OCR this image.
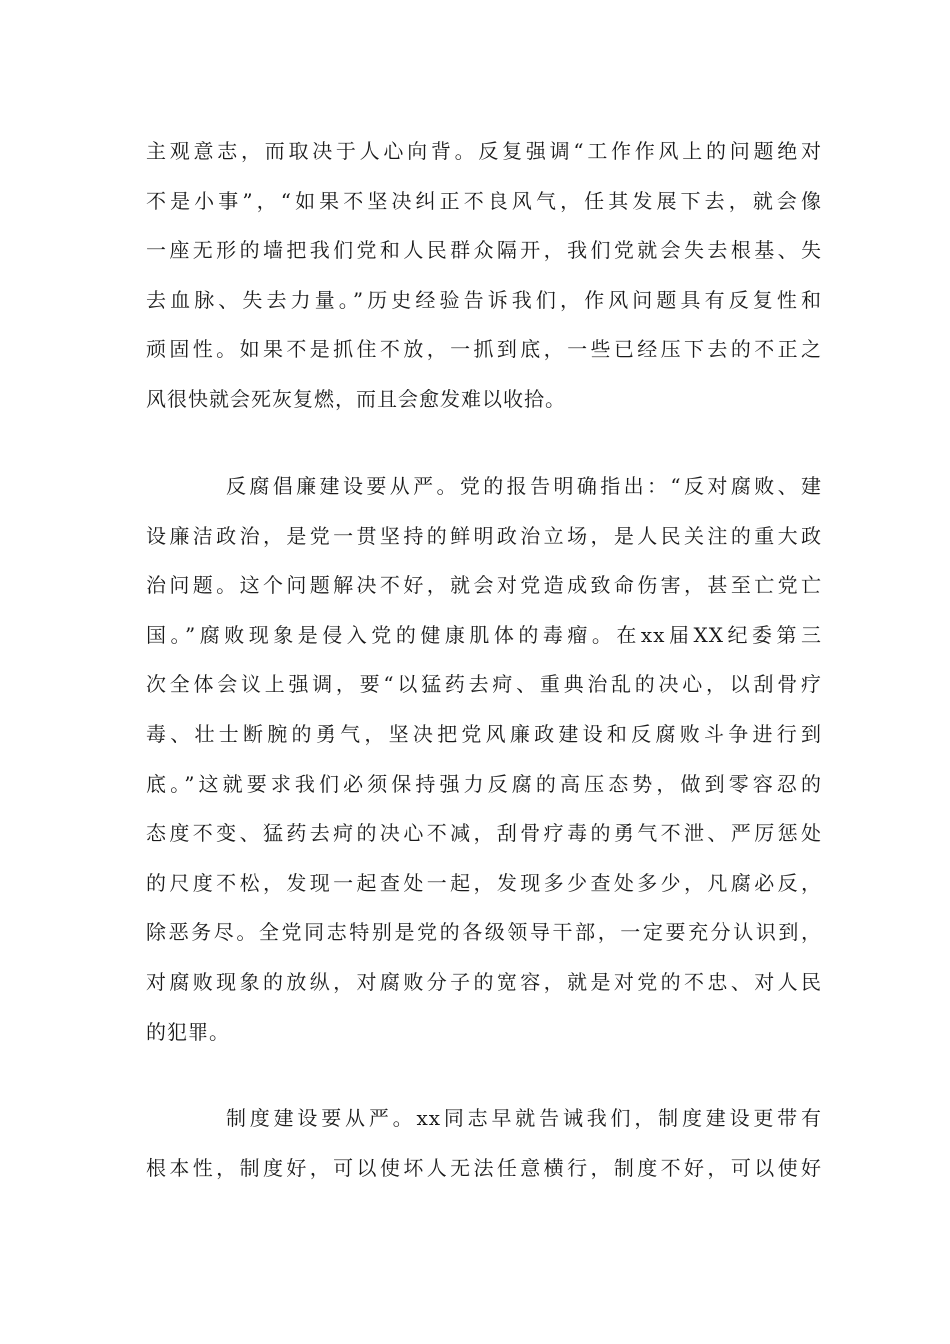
主观意志，而取决于人心向背。反复强调“工作作风上的问题绝对
不是小事”，“如果不坚决纠正不良风气，任其发展下去，就会像
一座无形的墙把我们党和人民群众隔开，我们党就会失去根基、失
去血脉、失去力量。”历史经验告诉我们，作风问题具有反复性和
顽固性。如果不是抓住不放，一抓到底，一些已经压下去的不正之
风很快就会死灰复燃，而且会愈发难以收拾。
反腐倡廉建设要从严。党的报告明确指出：“反对腐败、建
设廉洁政治，是党一贯坚持的鲜明政治立场，是人民关注的重大政
治问题。这个问题解决不好，就会对党造成致命伤害，甚至亡党亡
国。”腐败现象是侵入党的健康肌体的毒瘤。在xx届XX纪委第三
次全体会议上强调，要“以猛药去疴、重典治乱的决心，以刮骨疗
毒、壮士断腕的勇气，坚决把党风廉政建设和反腐败斗争进行到
底。”这就要求我们必须保持强力反腐的高压态势，做到零容忍的
态度不变、猛药去疴的决心不减，刮骨疗毒的勇气不泄、严厉惩处
的尺度不松，发现一起查处一起，发现多少查处多少，凡腐必反，
除恶务尽。全党同志特别是党的各级领导干部，一定要充分认识到，
对腐败现象的放纵，对腐败分子的宽容，就是对党的不忠、对人民
的犯罪。
制度建设要从严。xx同志早就告诫我们，制度建设更带有
根本性，制度好，可以使坏人无法任意横行，制度不好，可以使好
